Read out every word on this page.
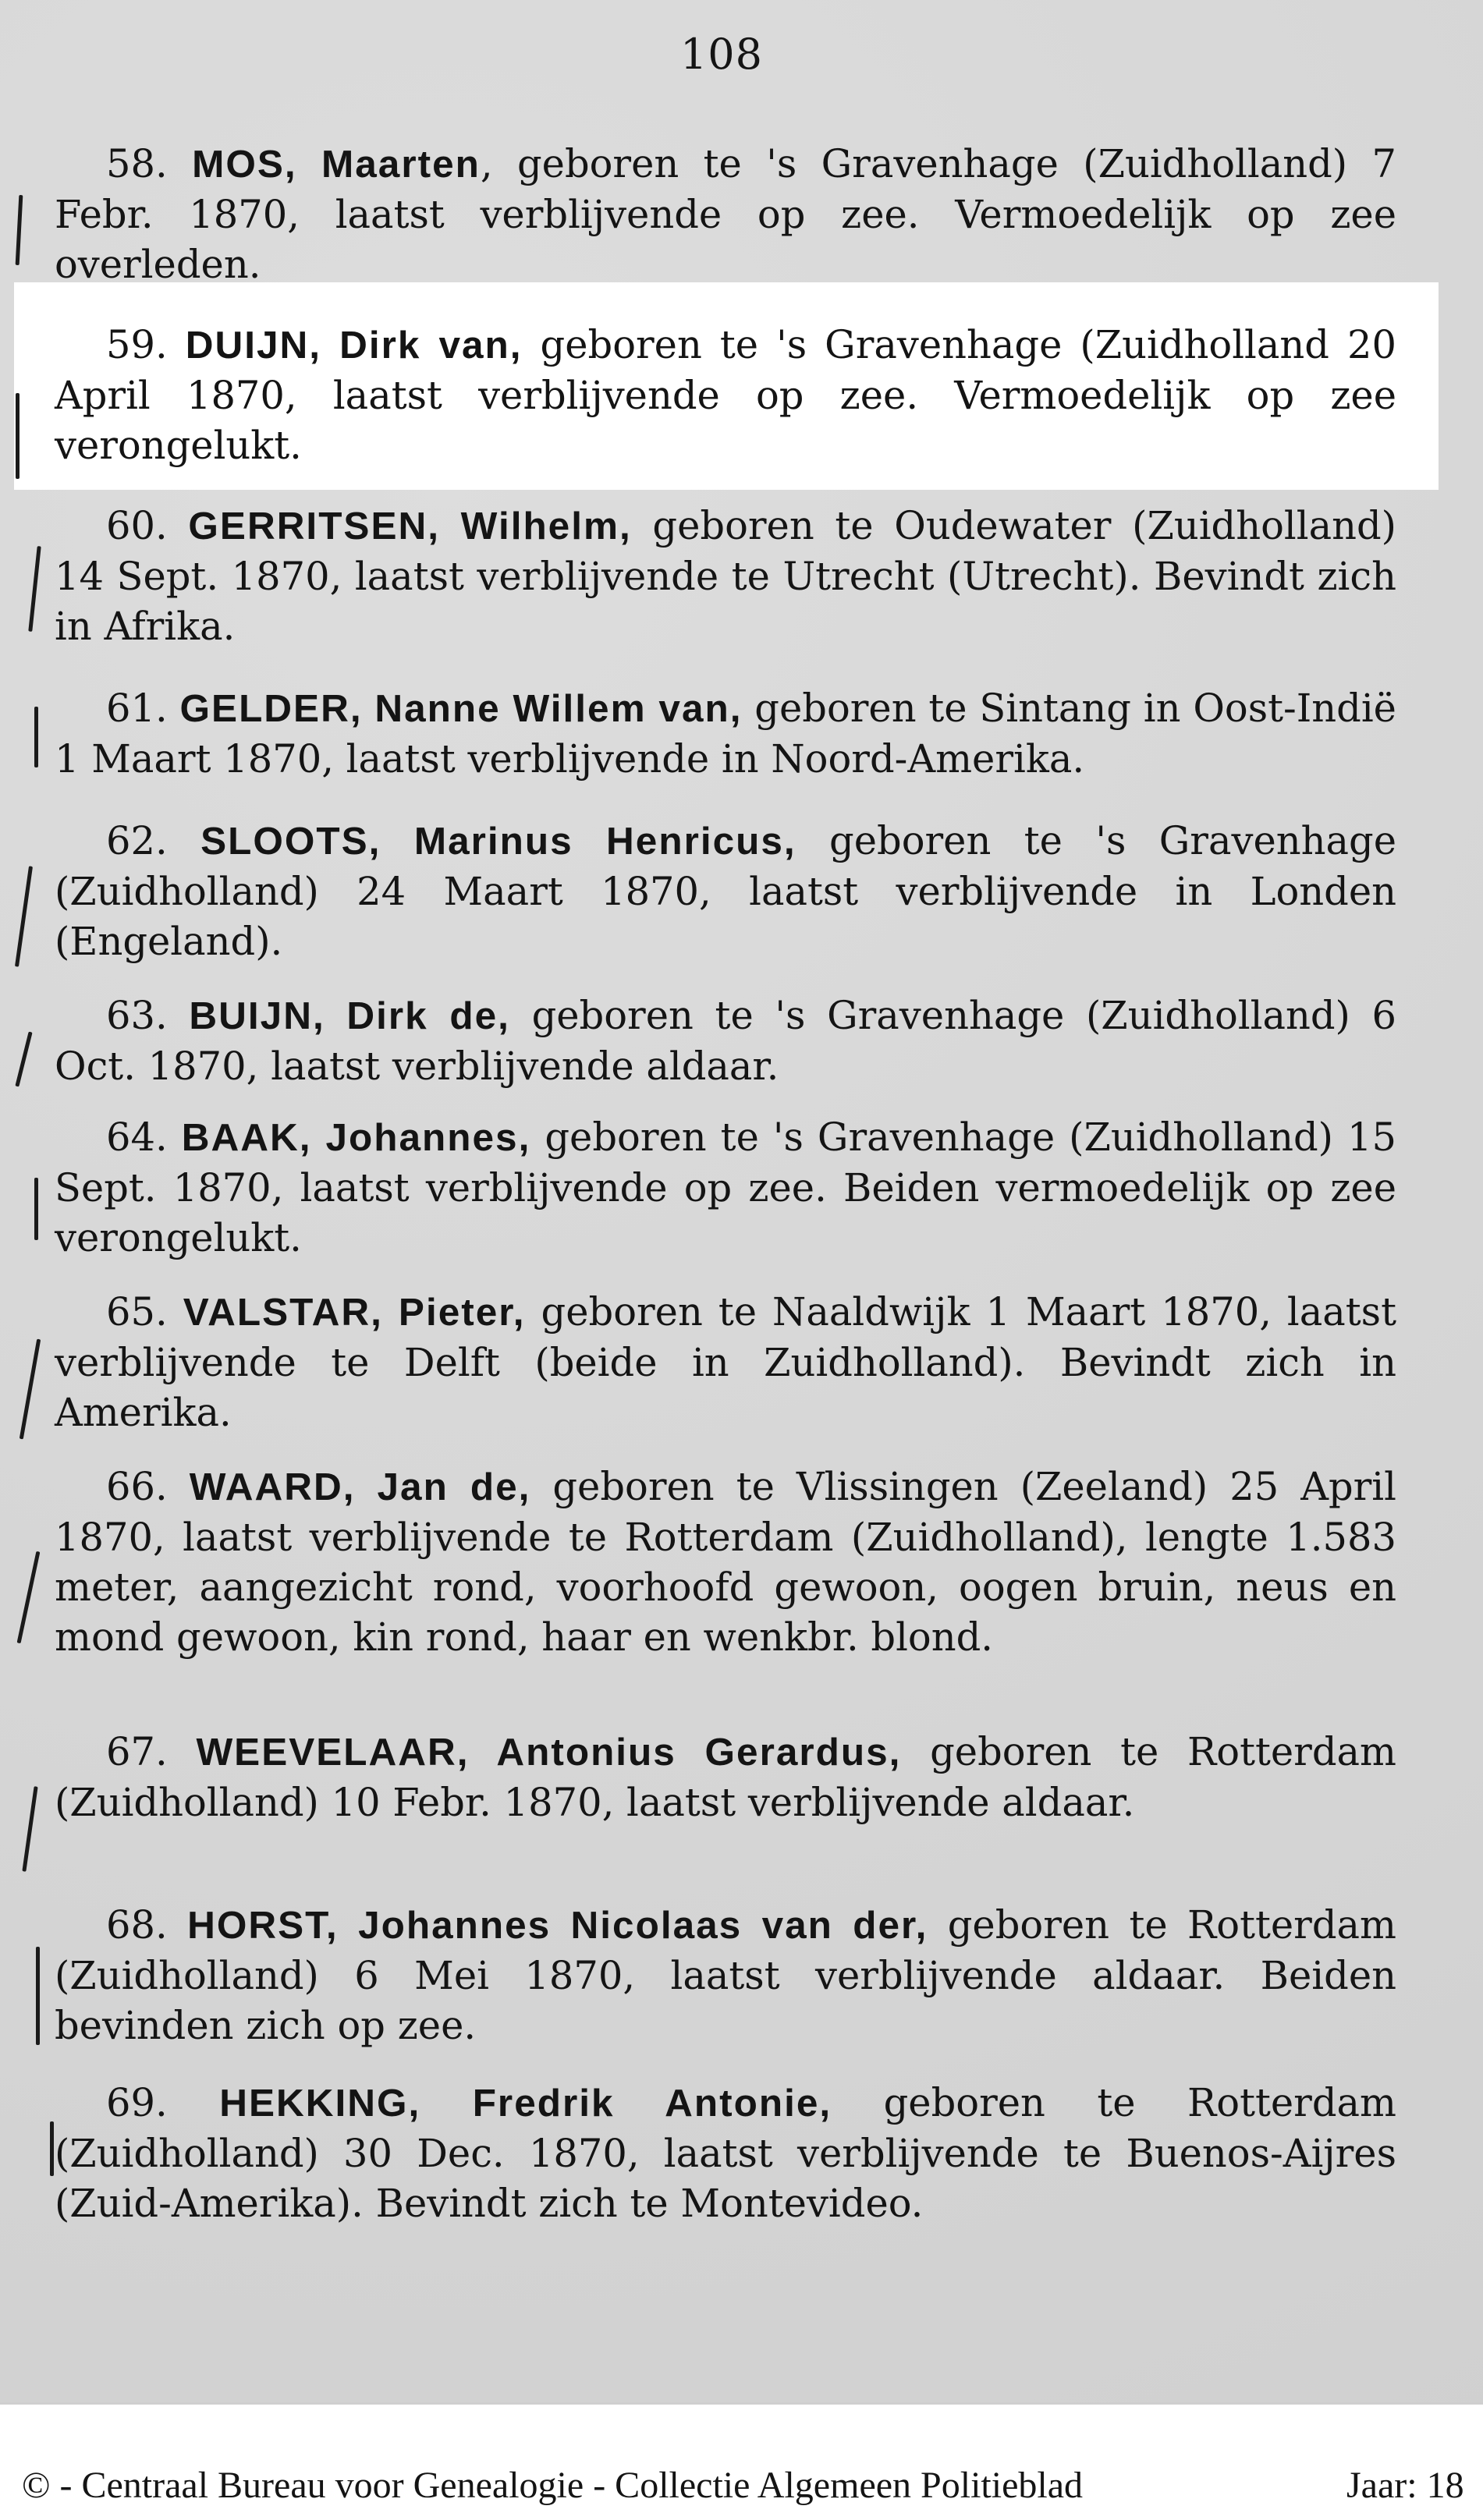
108

58. MOS, Maarten, geboren te 's Gravenhage (Zuidholland) 7 Febr. 1870, laatst verblijvende op zee. Vermoedelijk op zee overleden.

59. DUIJN, Dirk van, geboren te 's Gravenhage (Zuidholland 20 April 1870, laatst verblijvende op zee. Vermoedelijk op zee verongelukt.

60. GERRITSEN, Wilhelm, geboren te Oudewater (Zuidholland) 14 Sept. 1870, laatst verblijvende te Utrecht (Utrecht). Bevindt zich in Afrika.

61. GELDER, Nanne Willem van, geboren te Sintang in Oost-Indië 1 Maart 1870, laatst verblijvende in Noord-Amerika.

62. SLOOTS, Marinus Henricus, geboren te 's Gravenhage (Zuidholland) 24 Maart 1870, laatst verblijvende in Londen (Engeland).

63. BUIJN, Dirk de, geboren te 's Gravenhage (Zuidholland) 6 Oct. 1870, laatst verblijvende aldaar.

64. BAAK, Johannes, geboren te 's Gravenhage (Zuidholland) 15 Sept. 1870, laatst verblijvende op zee. Beiden vermoedelijk op zee verongelukt.

65. VALSTAR, Pieter, geboren te Naaldwijk 1 Maart 1870, laatst verblijvende te Delft (beide in Zuidholland). Bevindt zich in Amerika.

66. WAARD, Jan de, geboren te Vlissingen (Zeeland) 25 April 1870, laatst verblijvende te Rotterdam (Zuidholland), lengte 1.583 meter, aangezicht rond, voorhoofd gewoon, oogen bruin, neus en mond gewoon, kin rond, haar en wenkbr. blond.

67. WEEVELAAR, Antonius Gerardus, geboren te Rotterdam (Zuidholland) 10 Febr. 1870, laatst verblijvende aldaar.

68. HORST, Johannes Nicolaas van der, geboren te Rotterdam (Zuidholland) 6 Mei 1870, laatst verblijvende aldaar. Beiden bevinden zich op zee.

69. HEKKING, Fredrik Antonie, geboren te Rotterdam (Zuidholland) 30 Dec. 1870, laatst verblijvende te Buenos-Aijres (Zuid-Amerika). Bevindt zich te Montevideo.

© - Centraal Bureau voor Genealogie - Collectie Algemeen Politieblad	Jaar: 18
